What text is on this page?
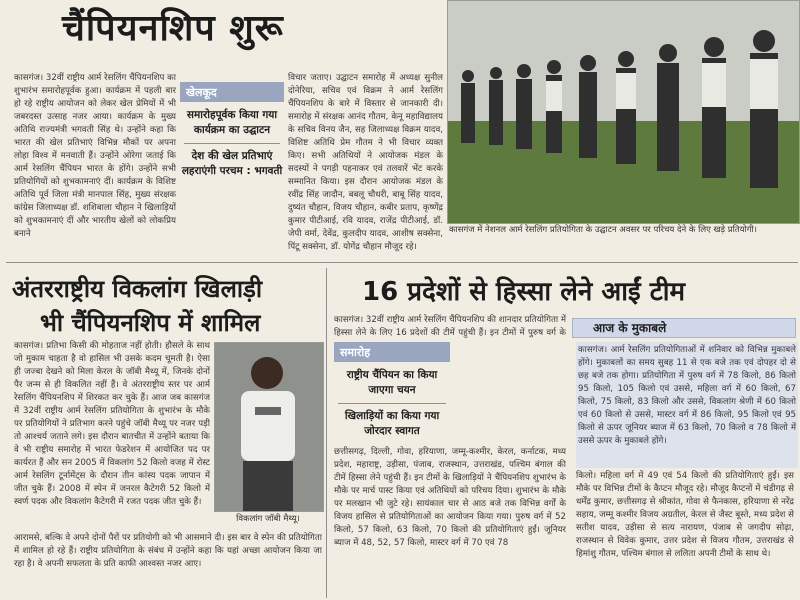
चैंपियनशिप शुरू
कासगंज। 32वीं राष्ट्रीय आर्म रेसलिंग चैंपियनशिप का शुभारंभ समारोहपूर्वक हुआ। कार्यक्रम में पहली बार हो रहे राष्ट्रीय आयोजन को लेकर खेल प्रेमियों में भी जबरदस्त उत्साह नजर आया। कार्यक्रम के मुख्य अतिथि राज्यमंत्री भगवती सिंह थे। उन्होंने कहा कि भारत की खेल प्रतिभाएं विभिन्न मौकों पर अपना लोहा विश्व में मनवाती हैं। उन्होंने ओरेगा जताई कि आर्म रेसलिंग चैंपियन भारत के होंगे। उन्होंने सभी प्रतियोगियों को शुभकामनाएं दीं। कार्यक्रम के विशिष्ट अतिथि पूर्व जिला मंत्री मानपाल सिंह, मुख्य संरक्षक कांग्रेस जिलाध्यक्ष डॉ. शशिबाला चौहान ने खिलाड़ियों को शुभकामनाएं दीं और भारतीय खेलों को लोकप्रिय बनाने
खेलकूद
समारोहपूर्वक किया गया कार्यक्रम का उद्घाटन
देश की खेल प्रतिभाएं लहराएंगी परचम : भगवती
विचार जताए। उद्घाटन समारोह में अध्यक्ष सुनील दोनेरिया, सचिव एवं विक्रम ने आर्म रेसलिंग चैंपियनशिप के बारे में विस्तार से जानकारी दी। समारोह में संरक्षक आनंद गौतम, केनू महाविद्यालय के सचिव विनय जैन, सह जिलाध्यक्ष विक्रम यादव, विशिष्ट अतिथि प्रेम गौतम ने भी विचार व्यक्त किए। सभी अतिथियों ने आयोजक मंडल के सदस्यों ने पगड़ी पहनाकर एवं तलवारें भेंट करके सम्मानित किया। इस दौरान आयोजक मंडल के रवींद्र सिंह जादौन, बबलू चौधरी, बाबू सिंह यादव, दुष्यंत चौहान, विजय चौहान, कबीर प्रताप, कृष्णेंद्र कुमार पीटीआई, रवि यादव, राजेंद्र पीटीआई, डॉ. जेपी वर्मा, देवेंद्र, कुलदीप यादव, आशीष सक्सेना, पिंटू सक्सेना, डॉ. योगेंद्र चौहान मौजूद रहे।
कासगंज में नेशनल आर्म रेसलिंग प्रतियोगिता के उद्घाटन अवसर पर परिचय देने के लिए खड़े प्रतियोगी।
अंतरराष्ट्रीय विकलांग खिलाड़ी
भी चैंपियनशिप में शामिल
कासगंज। प्रतिभा किसी की मोहताज नहीं होती। हौसले के साथ जो मुकाम चाहता है वो हासिल भी उसके कदम चूमती है। ऐसा ही जज्बा देखने को मिला केरल के जॉबी मैथ्यू में, जिनके दोनों पैर जन्म से ही विकलित नहीं हैं। वे अंतरराष्ट्रीय स्तर पर आर्म रेसलिंग चैंपियनशिप में शिरकत कर चुके हैं। आज जब कासगंज में 32वीं राष्ट्रीय आर्म रेसलिंग प्रतियोगिता के शुभारंभ के मौके पर प्रतियोगियों ने प्रतिभाग करने पहुंचे जॉबी मैथ्यू पर नजर पड़ी तो आश्चर्य जताने लगे। इस दौरान बातचीत में उन्होंने बताया कि वे भी राष्ट्रीय समारोह में भारत फेडरेशन में आयोजित पद पर कार्यरत हैं और सन 2005 में विकलांग 52 किलो वजह में रोस्ट आर्म रेसलिंग टूर्नामेंट्स के दौरान तीन कांस्य पदक जापान में जीत चुके हैं। 2008 में स्पेन में जनरल कैटेगरी 52 किलो में स्वर्ण पदक और विकलांग कैटेगरी में रजत पदक जीत चुके हैं।
विकलांग जॉबी मैथ्यू।
आरामसे, बल्कि वे अपने दोनों पैरों पर प्रतियोगी को भी आसमाने दी। इस बार वे स्पेन की प्रतियोगिता में शामिल हो रहे हैं। राष्ट्रीय प्रतियोगिता के संबंध में उन्होंने कहा कि यहां अच्छा आयोजन किया जा रहा है। वे अपनी सफलता के प्रति काफी आश्वस्त नजर आए।
16 प्रदेशों से हिस्सा लेने आईं टीम
कासगंज। 32वीं राष्ट्रीय आर्म रेसलिंग चैंपियनशिप की शानदार प्रतियोगिता में हिस्सा लेने के लिए 16 प्रदेशों की टीमें पहुंची हैं। इन टीमों में पुरुष वर्ग के
समारोह
राष्ट्रीय चैंपियन का किया जाएगा चयन
खिलाड़ियों का किया गया जोरदार स्वागत
छत्तीसगढ़, दिल्ली, गोवा, हरियाणा, जम्मू-कश्मीर, केरल, कर्नाटक, मध्य प्रदेश, महाराष्ट्र, उड़ीसा, पंजाब, राजस्थान, उत्तराखंड, पश्चिम बंगाल की टीमें हिस्सा लेने पहुंची हैं। इन टीमों के खिलाड़ियों ने चैंपियनशिप शुभारंभ के मौके पर मार्च पास्ट किया एवं अतिथियों को परिचय दिया। शुभारंभ के मौके पर मलखान भी जुटे रहे। सायंकाल चार से आठ बजे तक विभिन्न वर्गों के विजय हासिल से प्रतियोगिताओं का आयोजन किया गया। पुरुष वर्ग में 52 किलो, 57 किलो, 63 किलो, 70 किलो की प्रतियोगिताएं हुईं। जूनियर ब्याज में 48, 52, 57 किलो, मास्टर वर्ग में 70 एवं 78
आज के मुकाबले
कासगंज। आर्म रेसलिंग प्रतियोगिताओं में शनिवार को विभिन्न मुकाबले होंगे। मुकाबलों का समय सुबह 11 से एक बजे तक एवं दोपहर दो से छह बजे तक होगा। प्रतियोगिता में पुरुष वर्ग में 78 किलो, 86 किलो 95 किलो, 105 किलो एवं उससे, महिला वर्ग में 60 किलो, 67 किलो, 75 किलो, 83 किलो और उससे, विकलांग श्रेणी में 60 किलो एवं 60 किलो से उससे, मास्टर वर्ग में 86 किलो, 95 किलो एवं 95 किलो से ऊपर जूनियर ब्याज में 63 किलो, 70 किलो व 78 किलो में उससे ऊपर के मुकाबले होंगे।
किलो। महिला वर्ग में 49 एवं 54 किलो की प्रतियोगिताएं हुईं। इस मौके पर विभिन्न टीमों के कैप्टन मौजूद रहे। मौजूद कैप्टनों में चंडीगढ़ से धर्मेंद्र कुमार, छत्तीसगढ़ से श्रीकांत, गोवा से फैनकास, हरियाणा से नरेंद्र सहाय, जम्मू कश्मीर विजय अग्रतील, केरल से जैस्ट बूस्ते, मध्य प्रदेश से सतीश यादव, उड़ीसा से सत्य नारायण, पंजाब से जगदीप सोढ़ा, राजस्थान से विवेक कुमार, उत्तर प्रदेश से विजय गौतम, उत्तराखंड से हिमांशु गौतम, पश्चिम बंगाल से ललिता अपनी टीमों के साथ थे।
